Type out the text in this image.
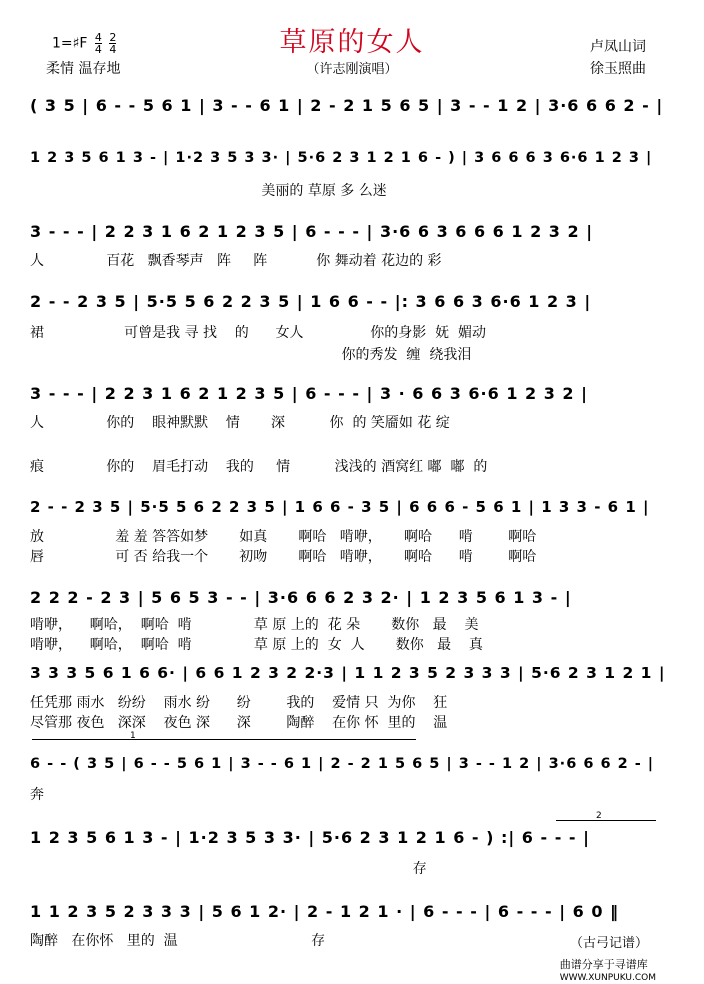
草原的女人
（许志刚演唱）
1=♯F $\frac{4}{4}$
$\frac{2}{4}$
柔情 温存地
卢凤山词
徐玉照曲
( 3 5 | 6 - - 5 6 1 | 3 - - 6 1 | 2 - 2 1 5 6 5 | 3 - - 1 2 | 3·6 6 6 2 - |
1 2 3 5 6 1 3 - | 1·2 3 5 3 3· | 5·6 2 3 1 2 1 6 - ) | 3 6 6 6 3 6·6 1 2 3 |
美丽的 草原 多 么迷
3 - - - | 2 2 3 1 6 2 1 2 3 5 | 6 - - - | 3·6 6 3 6 6 6 1 2 3 2 |
人              百花   飘香琴声   阵     阵           你 舞动着 花边的 彩
2 - - 2 3 5 | 5·5 5 6 2 2 3 5 | 1 6 6 - - |: 3 6 6 3 6·6 1 2 3 |
裙                  可曾是我 寻 找    的      女人               你的身影  妩  媚动
你的秀发  缠  绕我泪
3 - - - | 2 2 3 1 6 2 1 2 3 5 | 6 - - - | 3 · 6 6 3 6·6 1 2 3 2 |
人              你的    眼神默默    情       深          你  的 笑靥如 花 绽
痕              你的    眉毛打动    我的     情          浅浅的 酒窝红 嘟  嘟  的
2 - - 2 3 5 | 5·5 5 6 2 2 3 5 | 1 6 6 - 3 5 | 6 6 6 - 5 6 1 | 1 3 3 - 6 1 |
放                羞 羞 答答如梦       如真       啊哈   啃咿，     啊哈      啃        啊哈
唇                可 否 给我一个       初吻       啊哈   啃咿，     啊哈      啃        啊哈
2 2 2 - 2 3 | 5 6 5 3 - - | 3·6 6 6 2 3 2· | 1 2 3 5 6 1 3 - |
啃咿，    啊哈，  啊哈  啃              草 原 上的  花 朵       数你   最    美
啃咿，    啊哈，  啊哈  啃              草 原 上的  女  人       数你   最    真
3 3 3 5 6 1 6 6· | 6 6 1 2 3 2 2·3 | 1 1 2 3 5 2 3 3 3 | 5·6 2 3 1 2 1 |
任凭那 雨水   纷纷    雨水 纷      纷        我的    爱情 只  为你    狂
尽管那 夜色   深深    夜色 深      深        陶醉    在你 怀  里的    温
1
6 - - ( 3 5 | 6 - - 5 6 1 | 3 - - 6 1 | 2 - 2 1 5 6 5 | 3 - - 1 2 | 3·6 6 6 2 - |
奔
2
1 2 3 5 6 1 3 - | 1·2 3 5 3 3· | 5·6 2 3 1 2 1 6 - ) :| 6 - - - |
存
1 1 2 3 5 2 3 3 3 | 5 6 1 2· | 2 - 1 2 1 · | 6 - - - | 6 - - - | 6 0 ‖
陶醉   在你怀   里的  温                              存	（古弓记谱）
曲谱分享于寻谱库
WWW.XUNPUKU.COM
